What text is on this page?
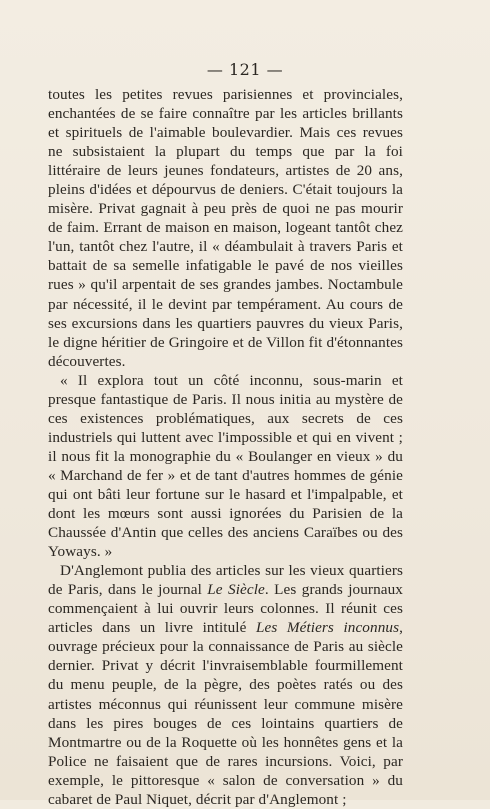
— 121 —

toutes les petites revues parisiennes et provinciales, enchantées de se faire connaître par les articles brillants et spirituels de l'aimable boulevardier. Mais ces revues ne subsistaient la plupart du temps que par la foi littéraire de leurs jeunes fondateurs, artistes de 20 ans, pleins d'idées et dépourvus de deniers. C'était toujours la misère. Privat gagnait à peu près de quoi ne pas mourir de faim. Errant de maison en maison, logeant tantôt chez l'un, tantôt chez l'autre, il « déambulait à travers Paris et battait de sa semelle infatigable le pavé de nos vieilles rues » qu'il arpentait de ses grandes jambes. Noctambule par nécessité, il le devint par tempérament. Au cours de ses excursions dans les quartiers pauvres du vieux Paris, le digne héritier de Gringoire et de Villon fit d'étonnantes découvertes.

« Il explora tout un côté inconnu, sous-marin et presque fantastique de Paris. Il nous initia au mystère de ces existences problématiques, aux secrets de ces industriels qui luttent avec l'impossible et qui en vivent ; il nous fit la monographie du « Boulanger en vieux » du « Marchand de fer » et de tant d'autres hommes de génie qui ont bâti leur fortune sur le hasard et l'impalpable, et dont les mœurs sont aussi ignorées du Parisien de la Chaussée d'Antin que celles des anciens Caraïbes ou des Yoways. »

D'Anglemont publia des articles sur les vieux quartiers de Paris, dans le journal Le Siècle. Les grands journaux commençaient à lui ouvrir leurs colonnes. Il réunit ces articles dans un livre intitulé Les Métiers inconnus, ouvrage précieux pour la connaissance de Paris au siècle dernier. Privat y décrit l'invraisemblable fourmillement du menu peuple, de la pègre, des poètes ratés ou des artistes méconnus qui réunissent leur commune misère dans les pires bouges de ces lointains quartiers de Montmartre ou de la Roquette où les honnêtes gens et la Police ne faisaient que de rares incursions. Voici, par exemple, le pittoresque « salon de conversation » du cabaret de Paul Niquet, décrit par d'Anglemont ;
